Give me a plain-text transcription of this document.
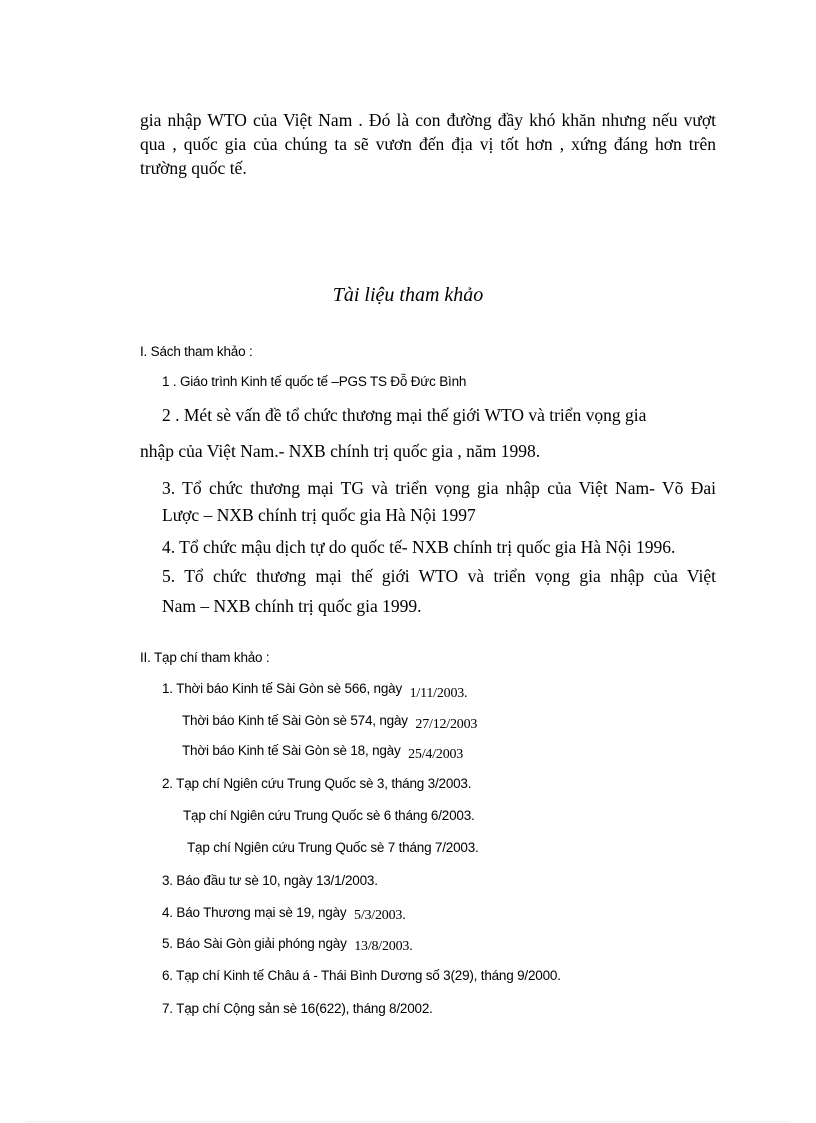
gia nhập WTO của Việt Nam . Đó là con đường đầy khó khăn nhưng nếu vượt qua , quốc gia của chúng ta sẽ vươn đến địa vị tốt hơn , xứng đáng hơn trên trường quốc tế.

Tài liệu tham khảo
I. Sách tham khảo :
1 . Giáo trình Kinh tế quốc tế –PGS TS Đỗ Đức Bình
2 . Mét sè vấn đề tổ chức thương mại thế giới WTO và triển vọng gia
nhập của Việt Nam.- NXB chính trị quốc gia , năm 1998.
3. Tổ chức thương mại TG và triển vọng gia nhập của Việt Nam- Võ Đai
Lược – NXB chính trị quốc gia Hà Nội 1997
4. Tổ chức mậu dịch tự do quốc tế- NXB chính trị quốc gia Hà Nội 1996.
5. Tổ chức thương mại thế giới WTO và triển vọng gia nhập của Việt
Nam – NXB chính trị quốc gia 1999.
II. Tạp chí tham khảo :
1. Thời báo Kinh tế Sài Gòn sè 566, ngày 1/11/2003.
Thời báo Kinh tế Sài Gòn sè 574, ngày 27/12/2003
Thời báo Kinh tế Sài Gòn sè 18, ngày 25/4/2003
2. Tạp chí Ngiên cứu Trung Quốc sè 3, tháng 3/2003.
Tạp chí Ngiên cứu Trung Quốc sè 6 tháng 6/2003.
Tạp chí Ngiên cứu Trung Quốc sè 7 tháng 7/2003.
3. Báo đầu tư sè 10, ngày 13/1/2003.
4. Báo Thương mại sè 19, ngày 5/3/2003.
5. Báo Sài Gòn giải phóng ngày 13/8/2003.
6. Tạp chí Kinh tế Châu á - Thái Bình Dương số 3(29), tháng 9/2000.
7. Tạp chí Cộng sản sè 16(622), tháng 8/2002.
